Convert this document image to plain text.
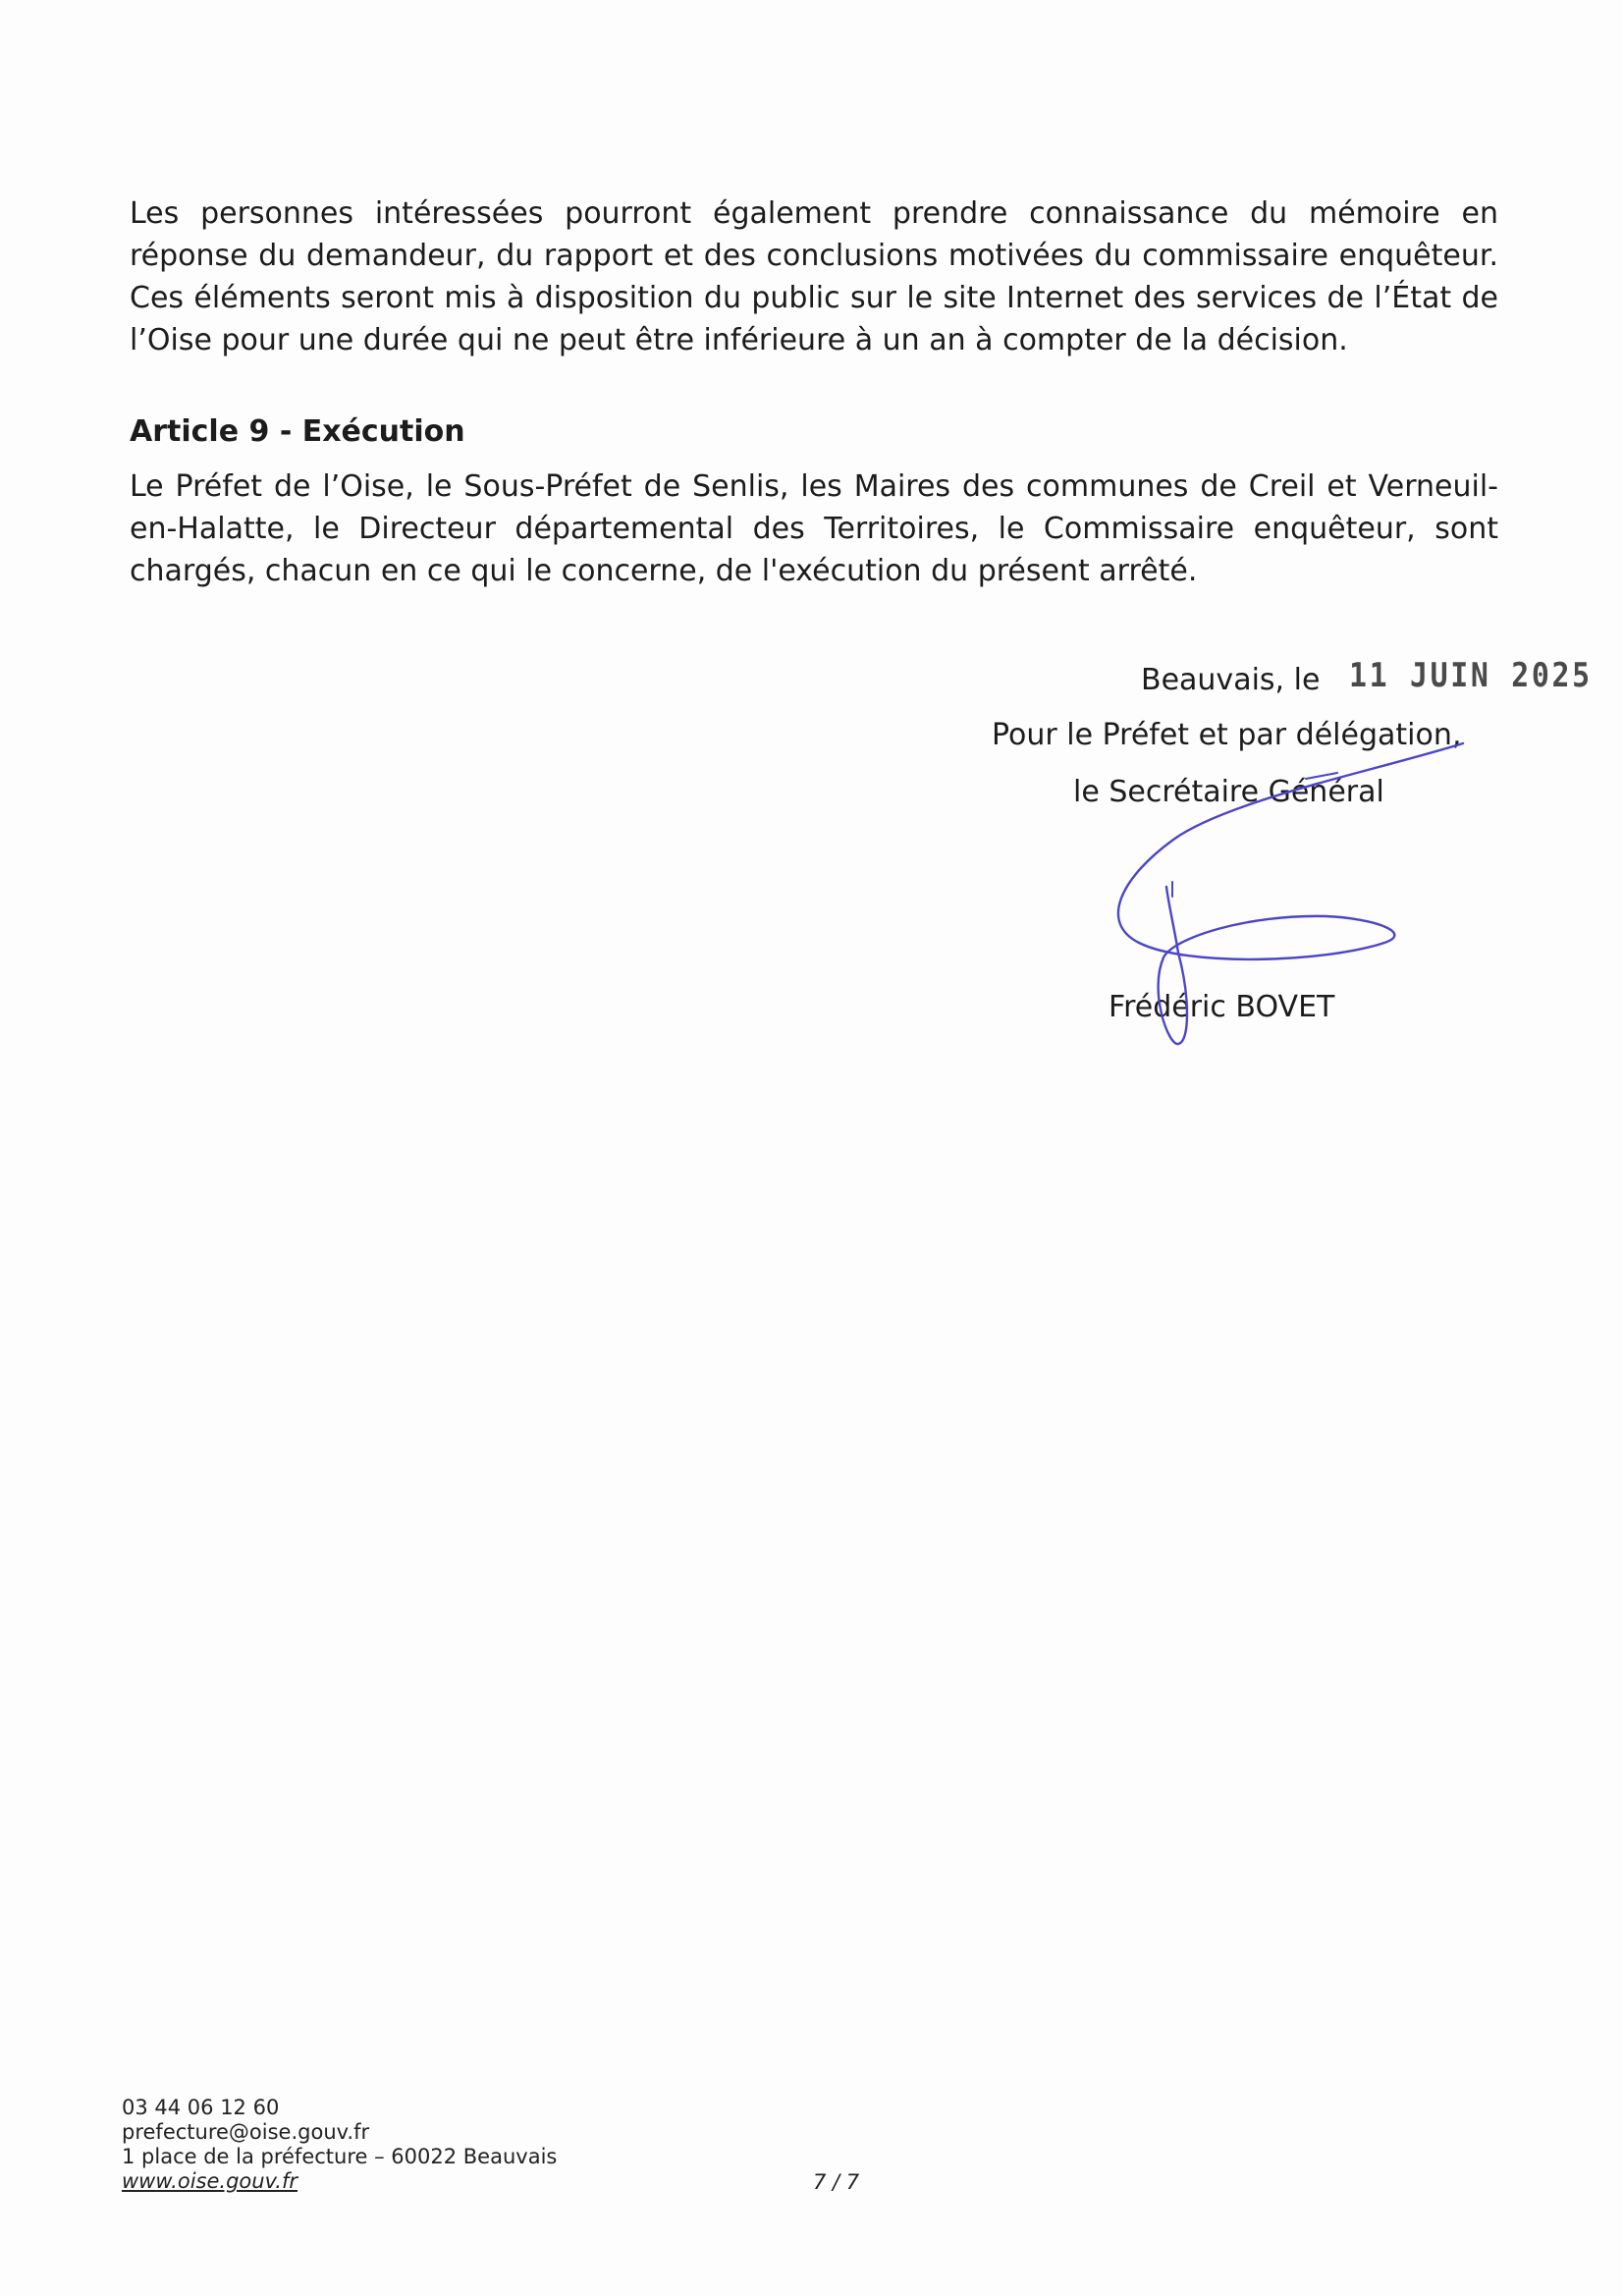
Les personnes intéressées pourront également prendre connaissance du mémoire en réponse du demandeur, du rapport et des conclusions motivées du commissaire enquêteur. Ces éléments seront mis à disposition du public sur le site Internet des services de l’État de l’Oise pour une durée qui ne peut être inférieure à un an à compter de la décision.

Article 9 - Exécution

Le Préfet de l’Oise, le Sous-Préfet de Senlis, les Maires des communes de Creil et Verneuil-en-Halatte, le Directeur départemental des Territoires, le Commissaire enquêteur, sont chargés, chacun en ce qui le concerne, de l'exécution du présent arrêté.

Beauvais, le 11 JUIN 2025
Pour le Préfet et par délégation,
le Secrétaire Général
Frédéric BOVET
03 44 06 12 60
prefecture@oise.gouv.fr
1 place de la préfecture – 60022 Beauvais
www.oise.gouv.fr	7 / 7
